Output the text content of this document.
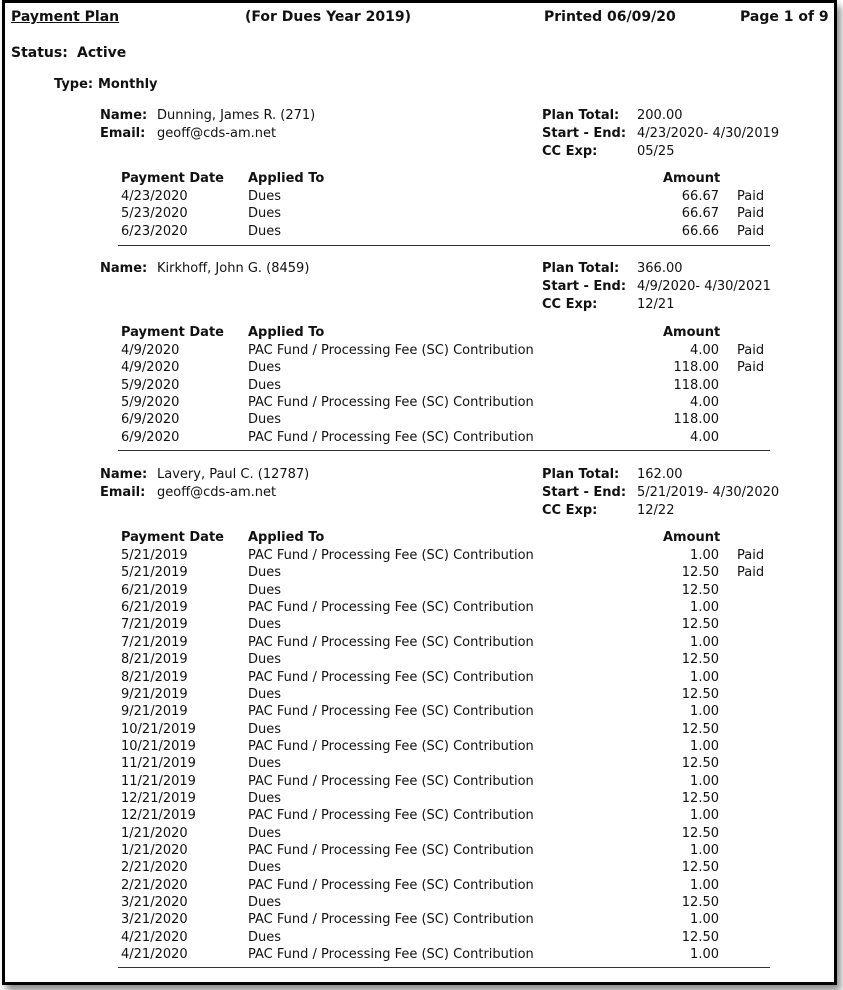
Payment Plan	(For Dues Year 2019)	Printed 06/09/20	Page 1 of 9
Status: Active
Type: Monthly
Name: Dunning, James R. (271)
Email: geoff@cds-am.net
Plan Total: 200.00
Start - End: 4/23/2020- 4/30/2019
CC Exp:	05/25
Payment Date Applied To	Amount
4/23/2020	Dues	66.67 Paid
5/23/2020	Dues	66.67 Paid
6/23/2020	Dues	66.66 Paid
Name: Kirkhoff, John G. (8459)	Plan Total: 366.00
Start - End: 4/9/2020- 4/30/2021
CC Exp:	12/21
Payment Date Applied To	Amount
4/9/2020	PAC Fund / Processing Fee (SC) Contribution	4.00 Paid
4/9/2020	Dues	118.00 Paid
5/9/2020	Dues	118.00
5/9/2020	PAC Fund / Processing Fee (SC) Contribution	4.00
6/9/2020	Dues	118.00
6/9/2020	PAC Fund / Processing Fee (SC) Contribution	4.00
Name: Lavery, Paul C. (12787)
Email: geoff@cds-am.net
Plan Total: 162.00
Start - End: 5/21/2019- 4/30/2020
CC Exp:	12/22
Payment Date Applied To	Amount
5/21/2019	PAC Fund / Processing Fee (SC) Contribution	1.00 Paid
5/21/2019	Dues	12.50 Paid
6/21/2019	Dues	12.50
6/21/2019	PAC Fund / Processing Fee (SC) Contribution	1.00
7/21/2019	Dues	12.50
7/21/2019	PAC Fund / Processing Fee (SC) Contribution	1.00
8/21/2019	Dues	12.50
8/21/2019	PAC Fund / Processing Fee (SC) Contribution	1.00
9/21/2019	Dues	12.50
9/21/2019	PAC Fund / Processing Fee (SC) Contribution	1.00
10/21/2019	Dues	12.50
10/21/2019	PAC Fund / Processing Fee (SC) Contribution	1.00
11/21/2019	Dues	12.50
11/21/2019	PAC Fund / Processing Fee (SC) Contribution	1.00
12/21/2019	Dues	12.50
12/21/2019	PAC Fund / Processing Fee (SC) Contribution	1.00
1/21/2020	Dues	12.50
1/21/2020	PAC Fund / Processing Fee (SC) Contribution	1.00
2/21/2020	Dues	12.50
2/21/2020	PAC Fund / Processing Fee (SC) Contribution	1.00
3/21/2020	Dues	12.50
3/21/2020	PAC Fund / Processing Fee (SC) Contribution	1.00
4/21/2020	Dues	12.50
4/21/2020	PAC Fund / Processing Fee (SC) Contribution	1.00
